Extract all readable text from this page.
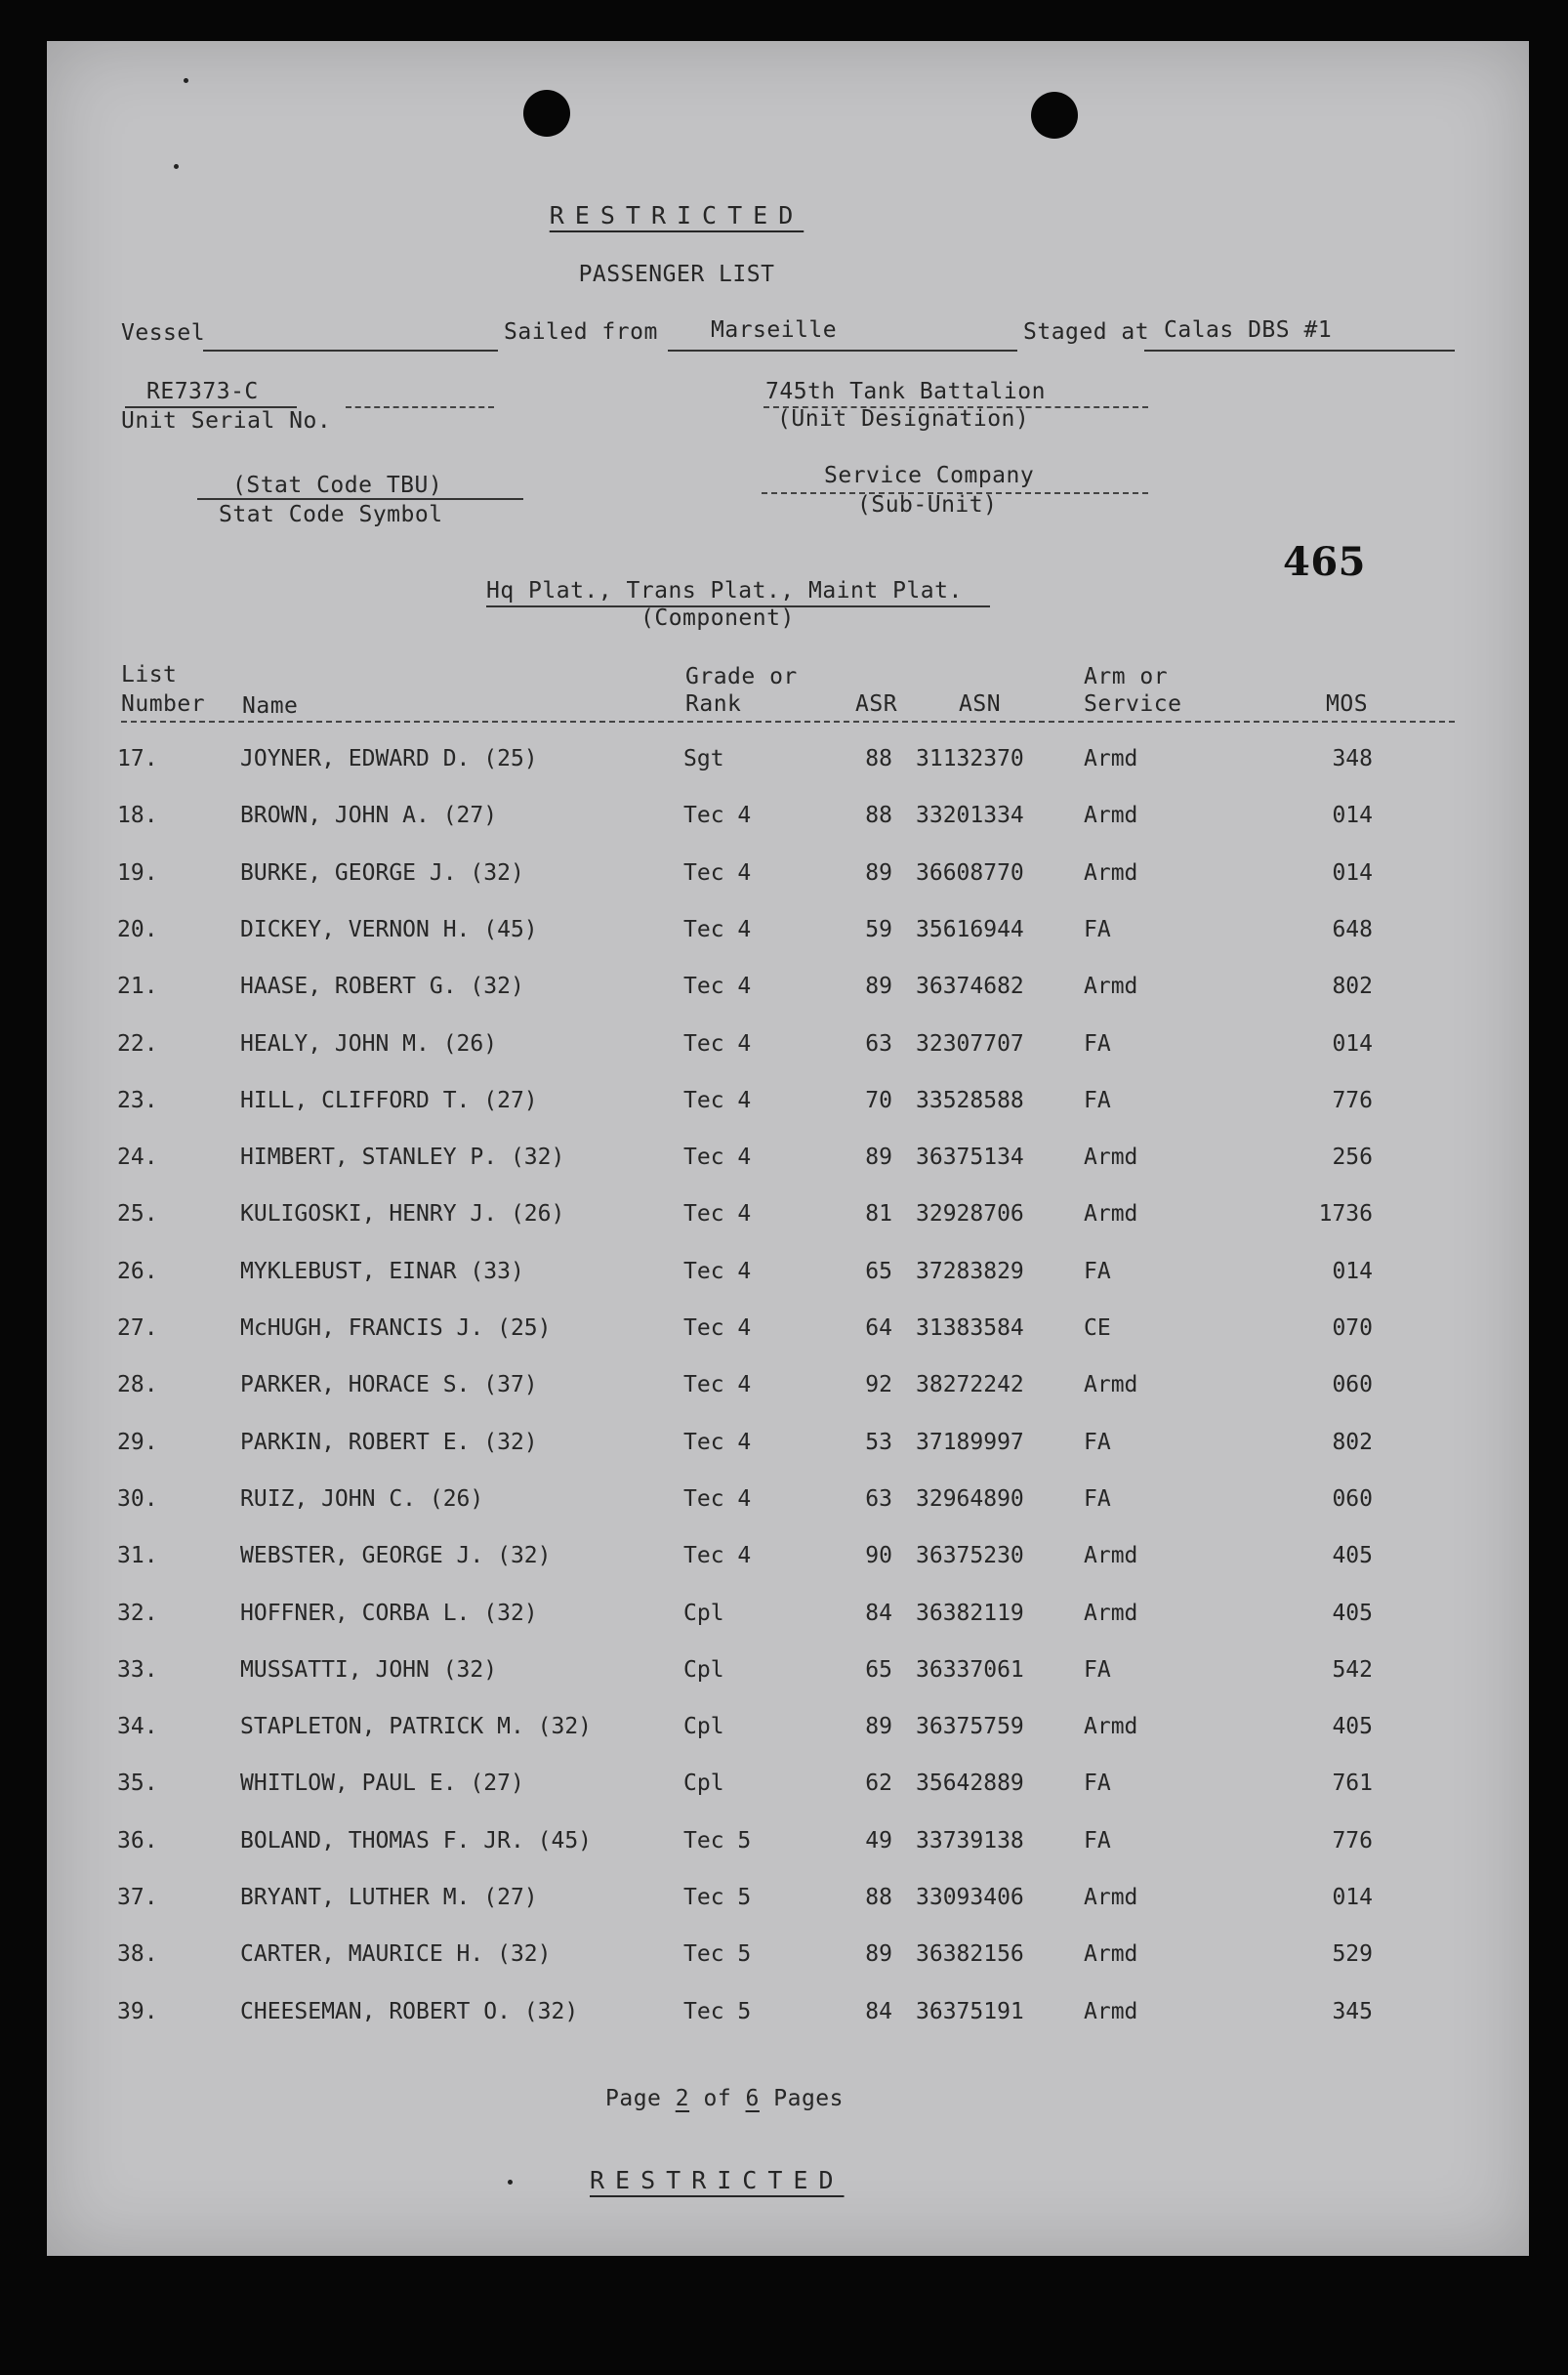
RESTRICTED
PASSENGER LIST
Vessel	Sailed from Marseille	Staged at Calas DBS #1
RE7373-C
Unit Serial No.
745th Tank Battalion
(Unit Designation)
(Stat Code TBU)
Stat Code Symbol
Service Company
(Sub-Unit)
465
Hq Plat., Trans Plat., Maint Plat.
(Component)
List
Number Name
Grade or
Rank	ASR	ASN
Arm or
Service	MOS
17.	JOYNER, EDWARD D. (25)	Sgt	88 31132370	Armd	348
18.	BROWN, JOHN A. (27)	Tec 4	88 33201334	Armd	014
19.	BURKE, GEORGE J. (32)	Tec 4	89 36608770	Armd	014
20.	DICKEY, VERNON H. (45)	Tec 4	59 35616944	FA	648
21.	HAASE, ROBERT G. (32)	Tec 4	89 36374682	Armd	802
22.	HEALY, JOHN M. (26)	Tec 4	63 32307707	FA	014
23.	HILL, CLIFFORD T. (27)	Tec 4	70 33528588	FA	776
24.	HIMBERT, STANLEY P. (32)	Tec 4	89 36375134	Armd	256
25.	KULIGOSKI, HENRY J. (26)	Tec 4	81 32928706	Armd	1736
26.	MYKLEBUST, EINAR (33)	Tec 4	65 37283829	FA	014
27.	McHUGH, FRANCIS J. (25)	Tec 4	64 31383584	CE	070
28.	PARKER, HORACE S. (37)	Tec 4	92 38272242	Armd	060
29.	PARKIN, ROBERT E. (32)	Tec 4	53 37189997	FA	802
30.	RUIZ, JOHN C. (26)	Tec 4	63 32964890	FA	060
31.	WEBSTER, GEORGE J. (32)	Tec 4	90 36375230	Armd	405
32.	HOFFNER, CORBA L. (32)	Cpl	84 36382119	Armd	405
33.	MUSSATTI, JOHN (32)	Cpl	65 36337061	FA	542
34.	STAPLETON, PATRICK M. (32)	Cpl	89 36375759	Armd	405
35.	WHITLOW, PAUL E. (27)	Cpl	62 35642889	FA	761
36.	BOLAND, THOMAS F. JR. (45)	Tec 5	49 33739138	FA	776
37.	BRYANT, LUTHER M. (27)	Tec 5	88 33093406	Armd	014
38.	CARTER, MAURICE H. (32)	Tec 5	89 36382156	Armd	529
39.	CHEESEMAN, ROBERT O. (32)	Tec 5	84 36375191	Armd	345
Page 2 of 6 Pages
RESTRICTED
